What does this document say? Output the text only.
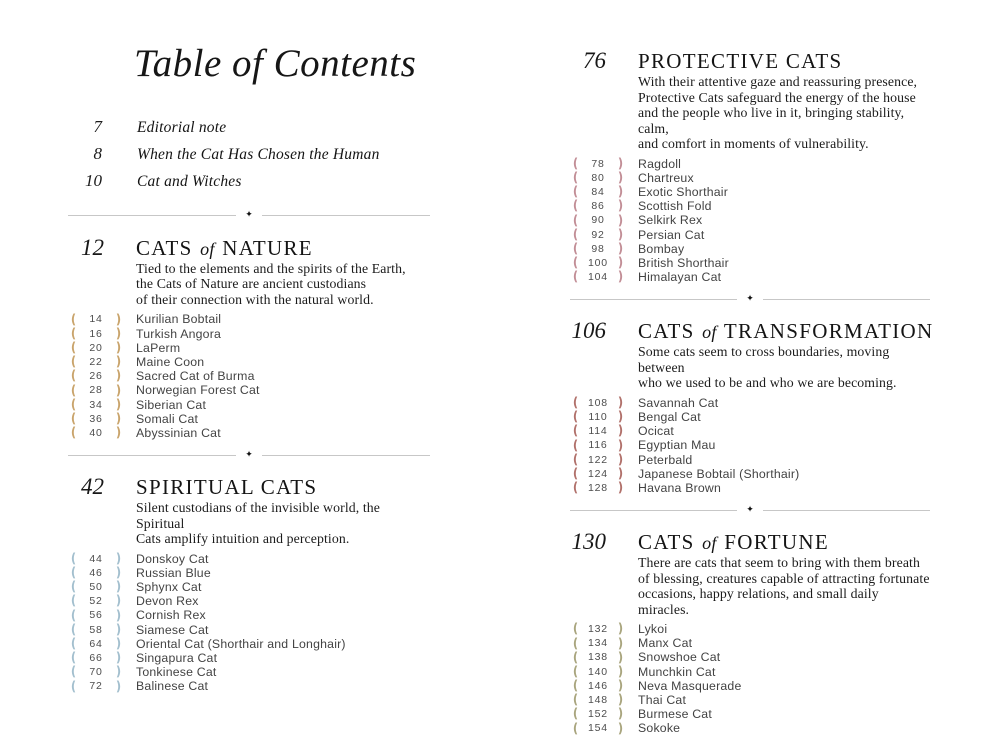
Table of Contents
7 Editorial note
8 When the Cat Has Chosen the Human
10 Cat and Witches
✦
12 CATS of NATURE
Tied to the elements and the spirits of the Earth,
the Cats of Nature are ancient custodians
of their connection with the natural world.
(
14 )	Kurilian Bobtail
(
16 )	Turkish Angora
(
20 )	LaPerm
(
22 )	Maine Coon
(
26 )	Sacred Cat of Burma
(
28 )	Norwegian Forest Cat
(
34 )	Siberian Cat
(
36 )	Somali Cat
(
40 )	Abyssinian Cat
✦
42 SPIRITUAL CATS
Silent custodians of the invisible world, the Spiritual
Cats amplify intuition and perception.
(
44 )	Donskoy Cat
(
46 )	Russian Blue
(
50 )	Sphynx Cat
(
52 )	Devon Rex
(
56 )	Cornish Rex
(
58 )	Siamese Cat
(
64 )	Oriental Cat (Shorthair and Longhair)
(
66 )	Singapura Cat
(
70 )	Tonkinese Cat
(
72 )	Balinese Cat
76 PROTECTIVE CATS
With their attentive gaze and reassuring presence,
Protective Cats safeguard the energy of the house
and the people who live in it, bringing stability, calm,
and comfort in moments of vulnerability.
(
78 )	Ragdoll
(
80 )	Chartreux
(
84 )	Exotic Shorthair
(
86 )	Scottish Fold
(
90 )	Selkirk Rex
(
92 )	Persian Cat
(
98 )	Bombay
(
100 )	British Shorthair
(
104 )	Himalayan Cat
✦
106 CATS of TRANSFORMATION
Some cats seem to cross boundaries, moving between
who we used to be and who we are becoming.
(
108 )	Savannah Cat
(
110 )	Bengal Cat
(
114 )	Ocicat
(
116 )	Egyptian Mau
(
122 )	Peterbald
(
124 )	Japanese Bobtail (Shorthair)
(
128 )	Havana Brown
✦
130 CATS of FORTUNE
There are cats that seem to bring with them breath
of blessing, creatures capable of attracting fortunate
occasions, happy relations, and small daily miracles.
(
132 )	Lykoi
(
134 )	Manx Cat
(
138 )	Snowshoe Cat
(
140 )	Munchkin Cat
(
146 )	Neva Masquerade
(
148 )	Thai Cat
(
152 )	Burmese Cat
(
154 )	Sokoke
